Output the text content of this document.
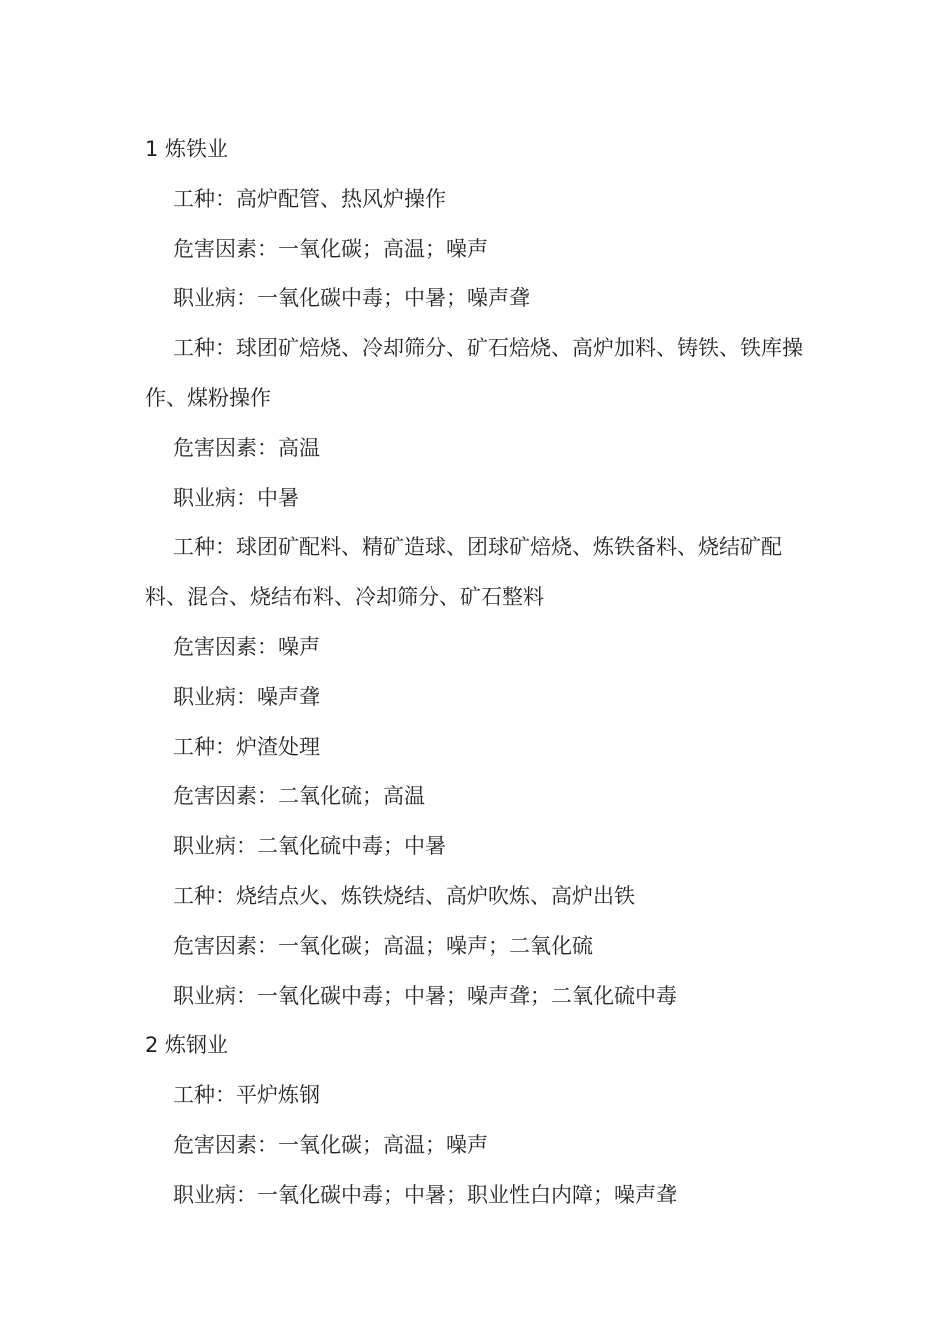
1 炼铁业

工种：高炉配管、热风炉操作

危害因素：一氧化碳；高温；噪声

职业病：一氧化碳中毒；中暑；噪声聋

工种：球团矿焙烧、冷却筛分、矿石焙烧、高炉加料、铸铁、铁库操作、煤粉操作

危害因素：高温

职业病：中暑

工种：球团矿配料、精矿造球、团球矿焙烧、炼铁备料、烧结矿配料、混合、烧结布料、冷却筛分、矿石整料

危害因素：噪声

职业病：噪声聋

工种：炉渣处理

危害因素：二氧化硫；高温

职业病：二氧化硫中毒；中暑

工种：烧结点火、炼铁烧结、高炉吹炼、高炉出铁

危害因素：一氧化碳；高温；噪声；二氧化硫

职业病：一氧化碳中毒；中暑；噪声聋；二氧化硫中毒

2 炼钢业

工种：平炉炼钢

危害因素：一氧化碳；高温；噪声

职业病：一氧化碳中毒；中暑；职业性白内障；噪声聋
